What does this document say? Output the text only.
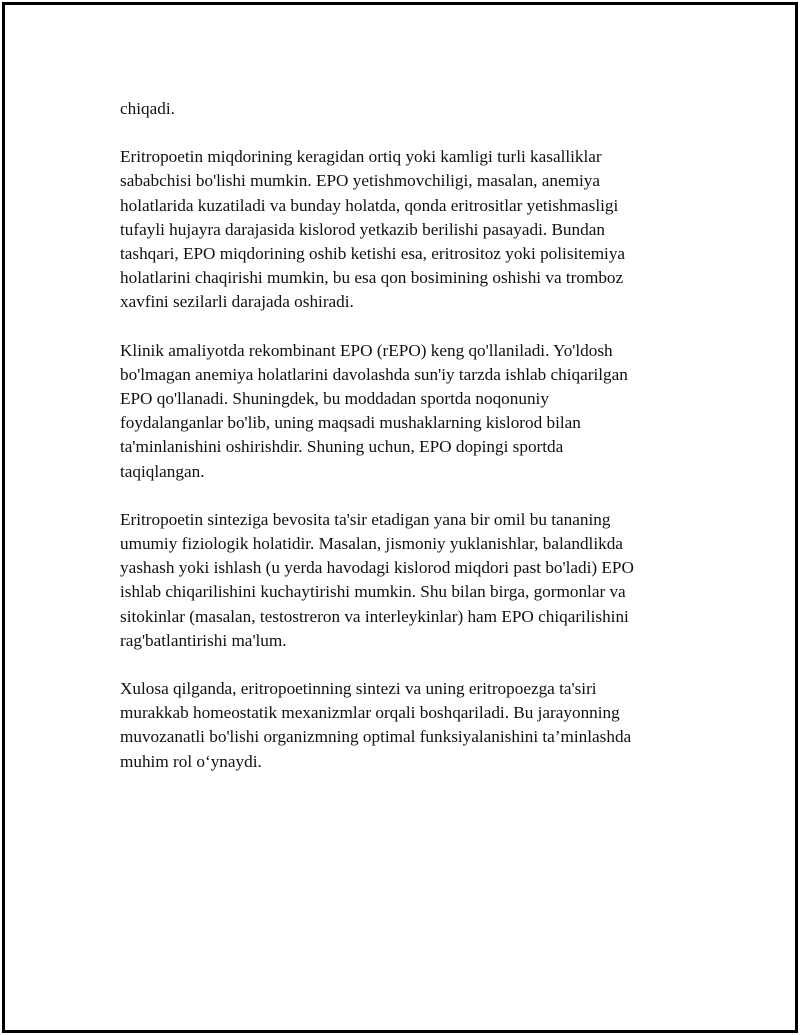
chiqadi.

Eritropoetin miqdorining keragidan ortiq yoki kamligi turli kasalliklar
sababchisi bo'lishi mumkin. EPO yetishmovchiligi, masalan, anemiya
holatlarida kuzatiladi va bunday holatda, qonda eritrositlar yetishmasligi
tufayli hujayra darajasida kislorod yetkazib berilishi pasayadi. Bundan
tashqari, EPO miqdorining oshib ketishi esa, eritrositoz yoki polisitemiya
holatlarini chaqirishi mumkin, bu esa qon bosimining oshishi va tromboz
xavfini sezilarli darajada oshiradi.

Klinik amaliyotda rekombinant EPO (rEPO) keng qo'llaniladi. Yo'ldosh
bo'lmagan anemiya holatlarini davolashda sun'iy tarzda ishlab chiqarilgan
EPO qo'llanadi. Shuningdek, bu moddadan sportda noqonuniy
foydalanganlar bo'lib, uning maqsadi mushaklarning kislorod bilan
ta'minlanishini oshirishdir. Shuning uchun, EPO dopingi sportda
taqiqlangan.

Eritropoetin sinteziga bevosita ta'sir etadigan yana bir omil bu tananing
umumiy fiziologik holatidir. Masalan, jismoniy yuklanishlar, balandlikda
yashash yoki ishlash (u yerda havodagi kislorod miqdori past bo'ladi) EPO
ishlab chiqarilishini kuchaytirishi mumkin. Shu bilan birga, gormonlar va
sitokinlar (masalan, testostreron va interleykinlar) ham EPO chiqarilishini
rag'batlantirishi ma'lum.

Xulosa qilganda, eritropoetinning sintezi va uning eritropoezga ta'siri
murakkab homeostatik mexanizmlar orqali boshqariladi. Bu jarayonning
muvozanatli bo'lishi organizmning optimal funksiyalanishini ta’minlashda
muhim rol o‘ynaydi.
